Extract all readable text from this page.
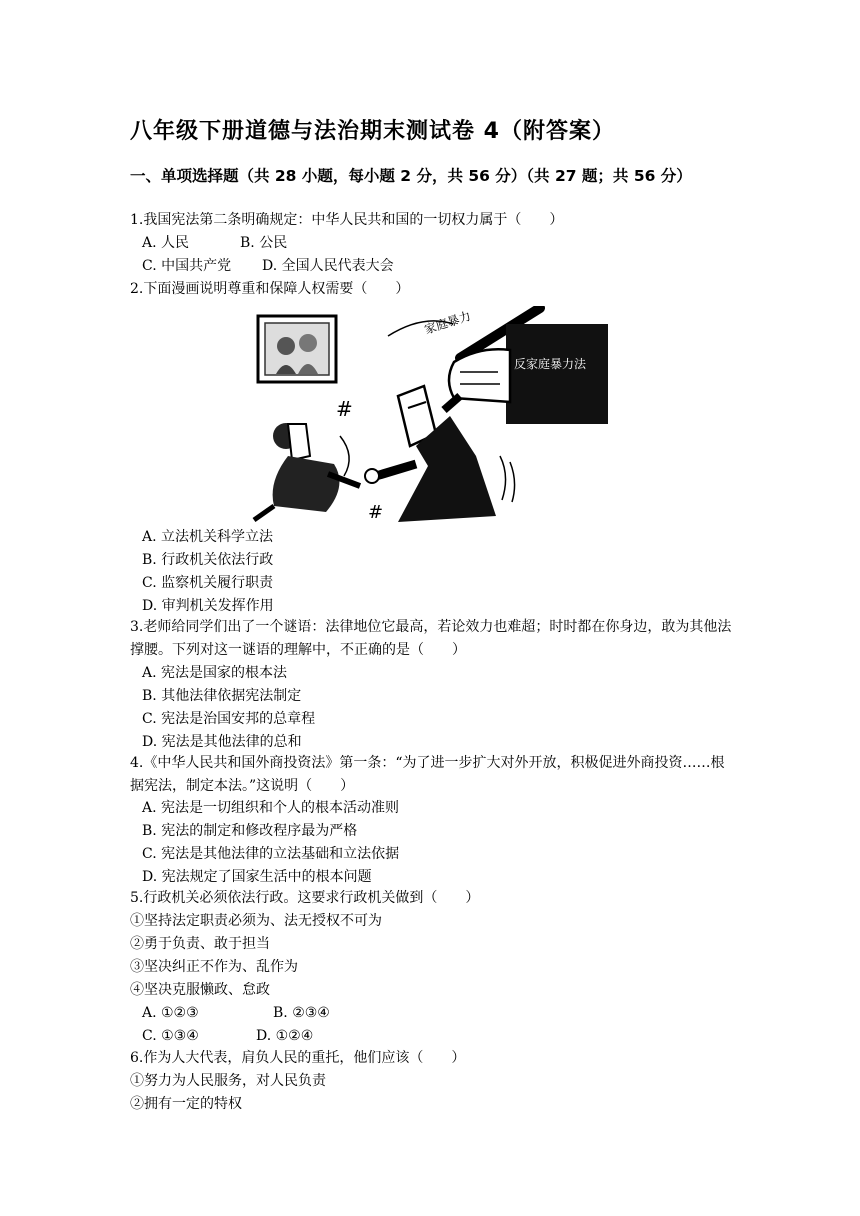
八年级下册道德与法治期末测试卷 4（附答案）
一、单项选择题（共 28 小题，每小题 2 分，共 56 分）（共 27 题；共 56 分）
1.我国宪法第二条明确规定：中华人民共和国的一切权力属于（　　）
A. 人民	B. 公民
C. 中国共产党 D. 全国人民代表大会
2.下面漫画说明尊重和保障人权需要（　　）
家庭暴力
反家庭暴力法
#
#
A. 立法机关科学立法
B. 行政机关依法行政
C. 监察机关履行职责
D. 审判机关发挥作用
3.老师给同学们出了一个谜语：法律地位它最高，若论效力也难超；时时都在你身边，敢为其他法撑腰。下列对这一谜语的理解中，不正确的是（　　）
A. 宪法是国家的根本法
B. 其他法律依据宪法制定
C. 宪法是治国安邦的总章程
D. 宪法是其他法律的总和
4.《中华人民共和国外商投资法》第一条：“为了进一步扩大对外开放，积极促进外商投资……根据宪法，制定本法。”这说明（　　）
A. 宪法是一切组织和个人的根本活动准则
B. 宪法的制定和修改程序最为严格
C. 宪法是其他法律的立法基础和立法依据
D. 宪法规定了国家生活中的根本问题
5.行政机关必须依法行政。这要求行政机关做到（　　）
①坚持法定职责必须为、法无授权不可为
②勇于负责、敢于担当
③坚决纠正不作为、乱作为
④坚决克服懒政、怠政
A. ①②③	B. ②③④
C. ①③④	D. ①②④
6.作为人大代表，肩负人民的重托，他们应该（　　）
①努力为人民服务，对人民负责
②拥有一定的特权
